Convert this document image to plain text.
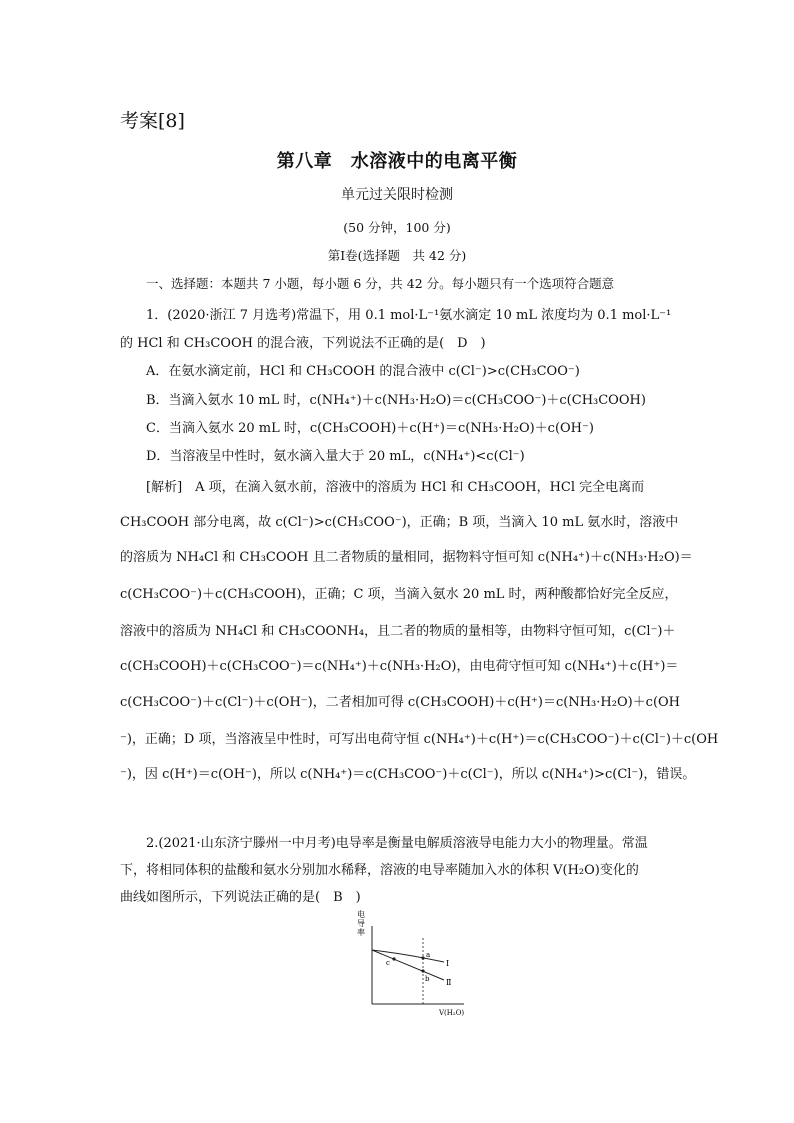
考案[8]
第八章　水溶液中的电离平衡
单元过关限时检测
(50 分钟，100 分)
第Ⅰ卷(选择题　共 42 分)
一、选择题：本题共 7 小题，每小题 6 分，共 42 分。每小题只有一个选项符合题意
1．(2020·浙江 7 月选考)常温下，用 0.1 mol·L⁻¹氨水滴定 10 mL 浓度均为 0.1 mol·L⁻¹
的 HCl 和 CH₃COOH 的混合液，下列说法不正确的是(　D　)
A．在氨水滴定前，HCl 和 CH₃COOH 的混合液中 c(Cl⁻)>c(CH₃COO⁻)
B．当滴入氨水 10 mL 时，c(NH₄⁺)＋c(NH₃·H₂O)＝c(CH₃COO⁻)＋c(CH₃COOH)
C．当滴入氨水 20 mL 时，c(CH₃COOH)＋c(H⁺)＝c(NH₃·H₂O)＋c(OH⁻)
D．当溶液呈中性时，氨水滴入量大于 20 mL，c(NH₄⁺)<c(Cl⁻)
[解析]　A 项，在滴入氨水前，溶液中的溶质为 HCl 和 CH₃COOH，HCl 完全电离而
CH₃COOH 部分电离，故 c(Cl⁻)>c(CH₃COO⁻)，正确；B 项，当滴入 10 mL 氨水时，溶液中
的溶质为 NH₄Cl 和 CH₃COOH 且二者物质的量相同，据物料守恒可知 c(NH₄⁺)＋c(NH₃·H₂O)＝
c(CH₃COO⁻)＋c(CH₃COOH)，正确；C 项，当滴入氨水 20 mL 时，两种酸都恰好完全反应，
溶液中的溶质为 NH₄Cl 和 CH₃COONH₄，且二者的物质的量相等，由物料守恒可知，c(Cl⁻)＋
c(CH₃COOH)＋c(CH₃COO⁻)＝c(NH₄⁺)＋c(NH₃·H₂O)，由电荷守恒可知 c(NH₄⁺)＋c(H⁺)＝
c(CH₃COO⁻)＋c(Cl⁻)＋c(OH⁻)，二者相加可得 c(CH₃COOH)＋c(H⁺)＝c(NH₃·H₂O)＋c(OH
⁻)，正确；D 项，当溶液呈中性时，可写出电荷守恒 c(NH₄⁺)＋c(H⁺)＝c(CH₃COO⁻)＋c(Cl⁻)＋c(OH
⁻)，因 c(H⁺)＝c(OH⁻)，所以 c(NH₄⁺)＝c(CH₃COO⁻)＋c(Cl⁻)，所以 c(NH₄⁺)>c(Cl⁻)，错误。
2.(2021·山东济宁滕州一中月考)电导率是衡量电解质溶液导电能力大小的物理量。常温
下，将相同体积的盐酸和氨水分别加水稀释，溶液的电导率随加入水的体积 V(H₂O)变化的
曲线如图所示，下列说法正确的是(　B　)
电
导
率
V(H₂O)
a
b
c	Ⅰ
Ⅱ
